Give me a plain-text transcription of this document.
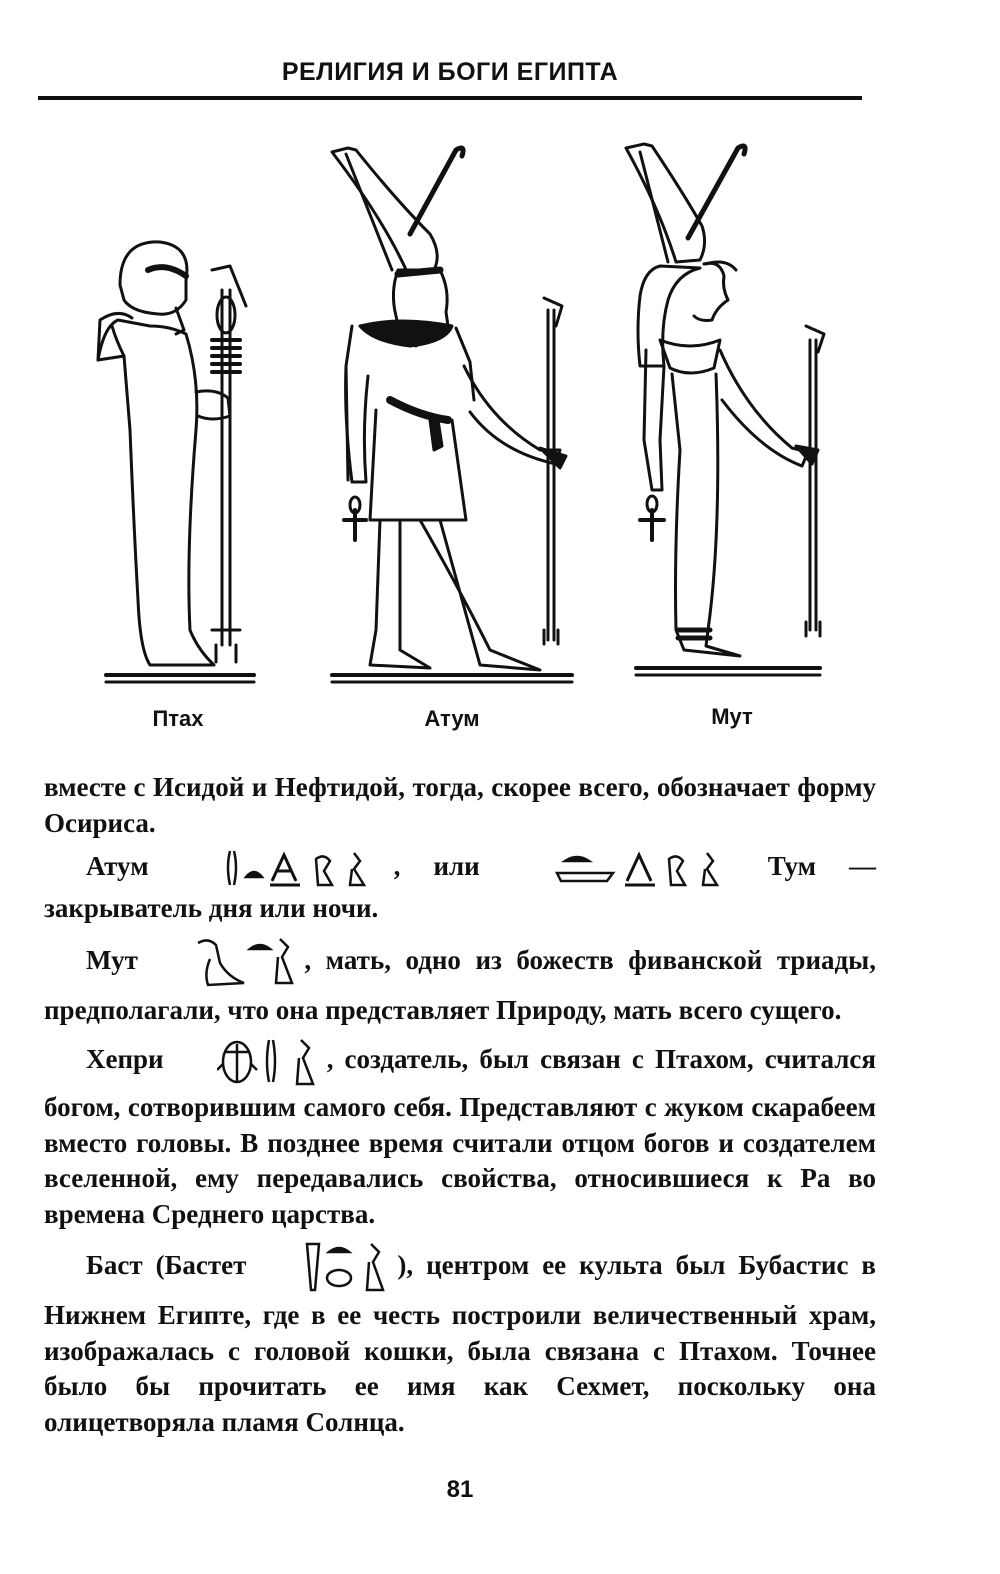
РЕЛИГИЯ И БОГИ ЕГИПТА
Птах	Атум	Мут

вместе с Исидой и Нефтидой, тогда, скорее всего, обозначает форму Осириса.

Атум	, или	Тум — закрыватель дня или ночи.

Мут	, мать, одно из божеств фиванской триады, предполагали, что она представляет Природу, мать всего сущего.

Хепри	, создатель, был связан с Птахом, считался богом, сотворившим самого себя. Представляют с жуком скарабеем вместо головы. В позднее время считали отцом богов и создателем вселенной, ему передавались свойства, относившиеся к Ра во времена Среднего царства.

Баст (Бастет	), центром ее культа был Бубастис в Нижнем Египте, где в ее честь построили величественный храм, изображалась с головой кошки, была связана с Птахом. Точнее было бы прочитать ее имя как Сехмет, поскольку она олицетворяла пламя Солнца.

81
